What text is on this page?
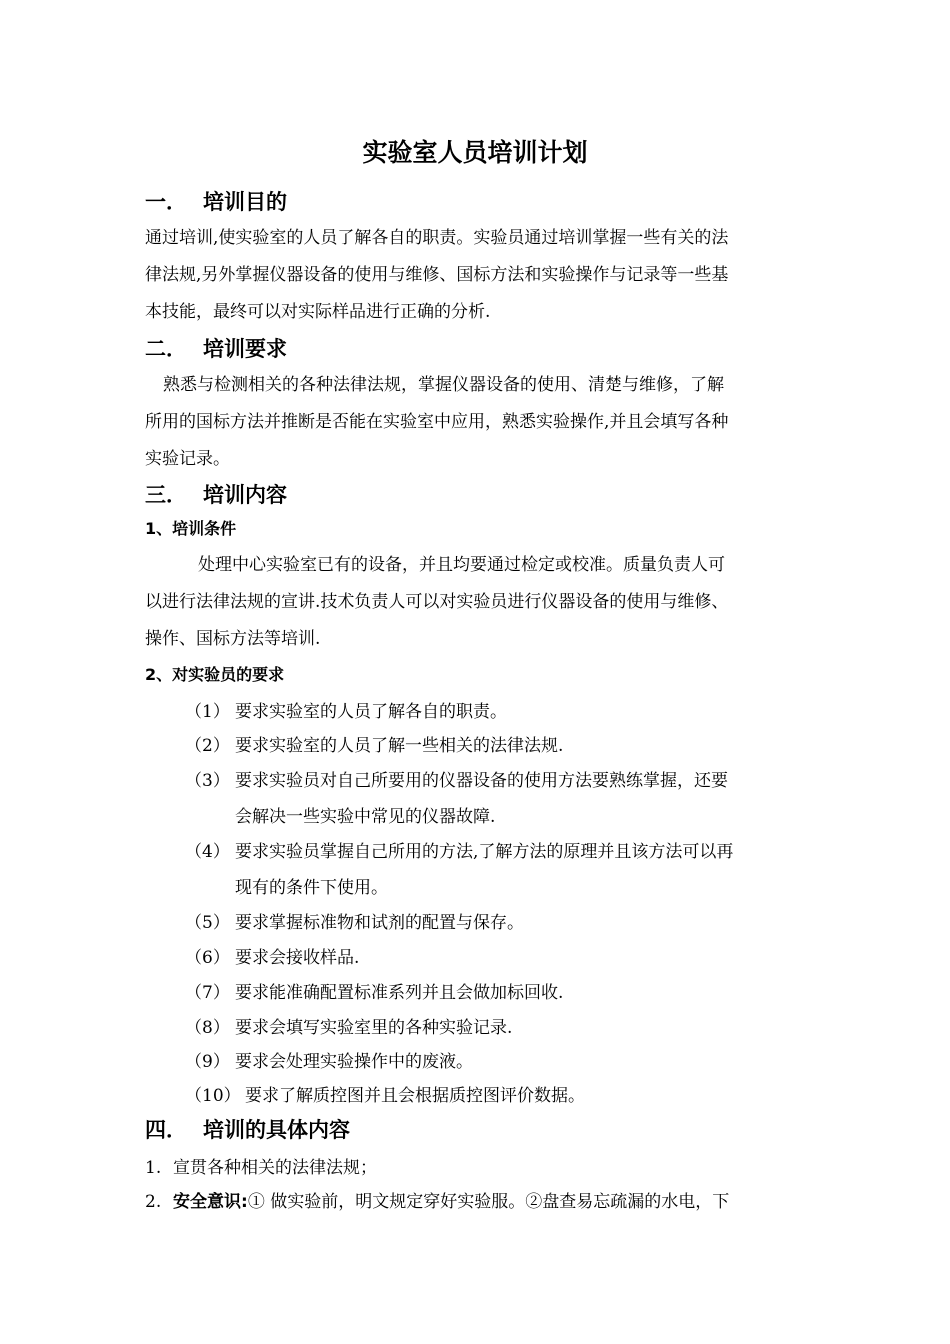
实验室人员培训计划
一． 培训目的
通过培训,使实验室的人员了解各自的职责。实验员通过培训掌握一些有关的法
律法规,另外掌握仪器设备的使用与维修、国标方法和实验操作与记录等一些基
本技能，最终可以对实际样品进行正确的分析.
二． 培训要求
熟悉与检测相关的各种法律法规，掌握仪器设备的使用、清楚与维修，了解
所用的国标方法并推断是否能在实验室中应用，熟悉实验操作,并且会填写各种
实验记录。
三． 培训内容
1、培训条件
处理中心实验室已有的设备，并且均要通过检定或校准。质量负责人可
以进行法律法规的宣讲.技术负责人可以对实验员进行仪器设备的使用与维修、
操作、国标方法等培训.
2、对实验员的要求
（1） 要求实验室的人员了解各自的职责。
（2） 要求实验室的人员了解一些相关的法律法规.
（3） 要求实验员对自己所要用的仪器设备的使用方法要熟练掌握，还要
会解决一些实验中常见的仪器故障.
（4） 要求实验员掌握自己所用的方法,了解方法的原理并且该方法可以再
现有的条件下使用。
（5） 要求掌握标准物和试剂的配置与保存。
（6） 要求会接收样品.
（7） 要求能准确配置标准系列并且会做加标回收.
（8） 要求会填写实验室里的各种实验记录.
（9） 要求会处理实验操作中的废液。
（10） 要求了解质控图并且会根据质控图评价数据。
四． 培训的具体内容
1. 宣贯各种相关的法律法规；
2. 安全意识:① 做实验前，明文规定穿好实验服。②盘查易忘疏漏的水电，下
